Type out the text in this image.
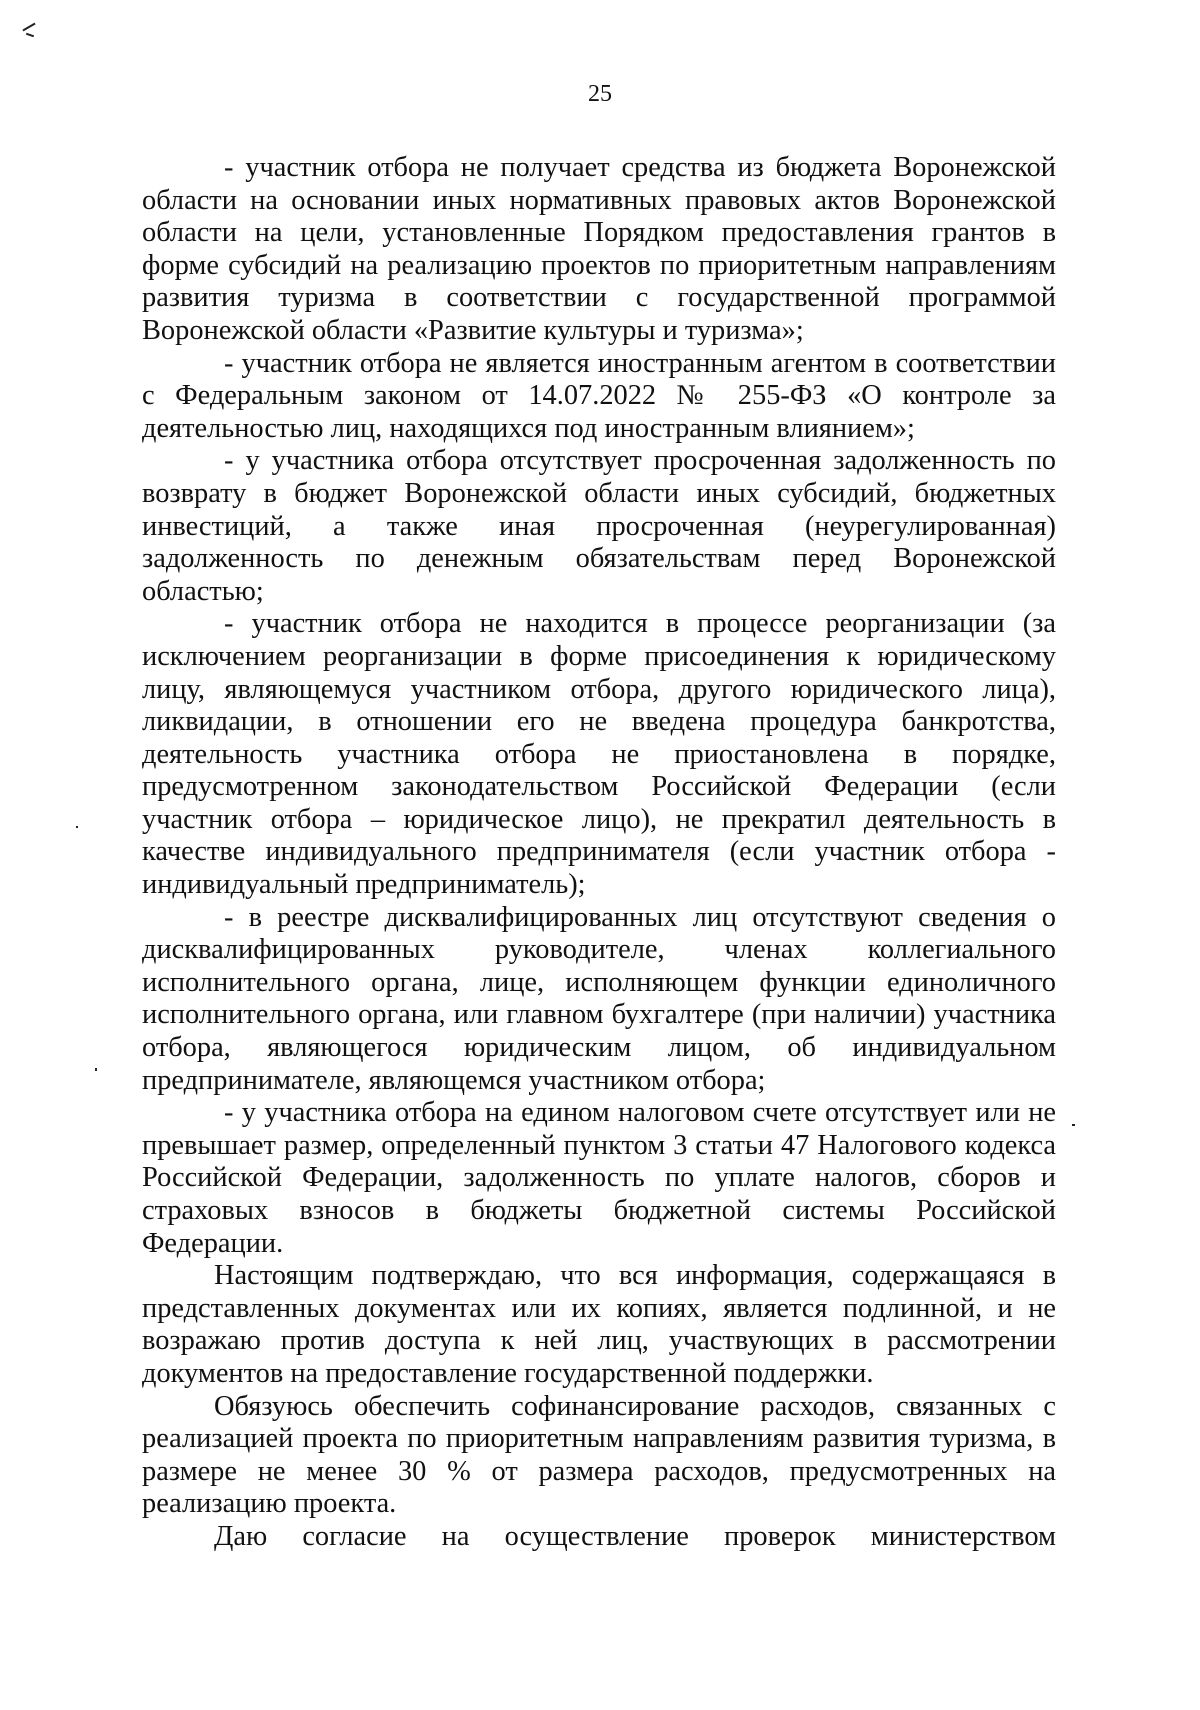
25

- участник отбора не получает средства из бюджета Воронежской области на основании иных нормативных правовых актов Воронежской области на цели, установленные Порядком предоставления грантов в форме субсидий на реализацию проектов по приоритетным направлениям развития туризма в соответствии с государственной программой Воронежской области «Развитие культуры и туризма»;

- участник отбора не является иностранным агентом в соответствии с Федеральным законом от 14.07.2022 № 255-ФЗ «О контроле за деятельностью лиц, находящихся под иностранным влиянием»;

- у участника отбора отсутствует просроченная задолженность по возврату в бюджет Воронежской области иных субсидий, бюджетных инвестиций, а также иная просроченная (неурегулированная) задолженность по денежным обязательствам перед Воронежской областью;

- участник отбора не находится в процессе реорганизации (за исключением реорганизации в форме присоединения к юридическому лицу, являющемуся участником отбора, другого юридического лица), ликвидации, в отношении его не введена процедура банкротства, деятельность участника отбора не приостановлена в порядке, предусмотренном законодательством Российской Федерации (если участник отбора – юридическое лицо), не прекратил деятельность в качестве индивидуального предпринимателя (если участник отбора - индивидуальный предприниматель);

- в реестре дисквалифицированных лиц отсутствуют сведения о дисквалифицированных руководителе, членах коллегиального исполнительного органа, лице, исполняющем функции единоличного исполнительного органа, или главном бухгалтере (при наличии) участника отбора, являющегося юридическим лицом, об индивидуальном предпринимателе, являющемся участником отбора;

- у участника отбора на едином налоговом счете отсутствует или не превышает размер, определенный пунктом 3 статьи 47 Налогового кодекса Российской Федерации, задолженность по уплате налогов, сборов и страховых взносов в бюджеты бюджетной системы Российской Федерации.

Настоящим подтверждаю, что вся информация, содержащаяся в представленных документах или их копиях, является подлинной, и не возражаю против доступа к ней лиц, участвующих в рассмотрении документов на предоставление государственной поддержки.

Обязуюсь обеспечить софинансирование расходов, связанных с реализацией проекта по приоритетным направлениям развития туризма, в размере не менее 30 % от размера расходов, предусмотренных на реализацию проекта.

Даю согласие на осуществление проверок министерством
